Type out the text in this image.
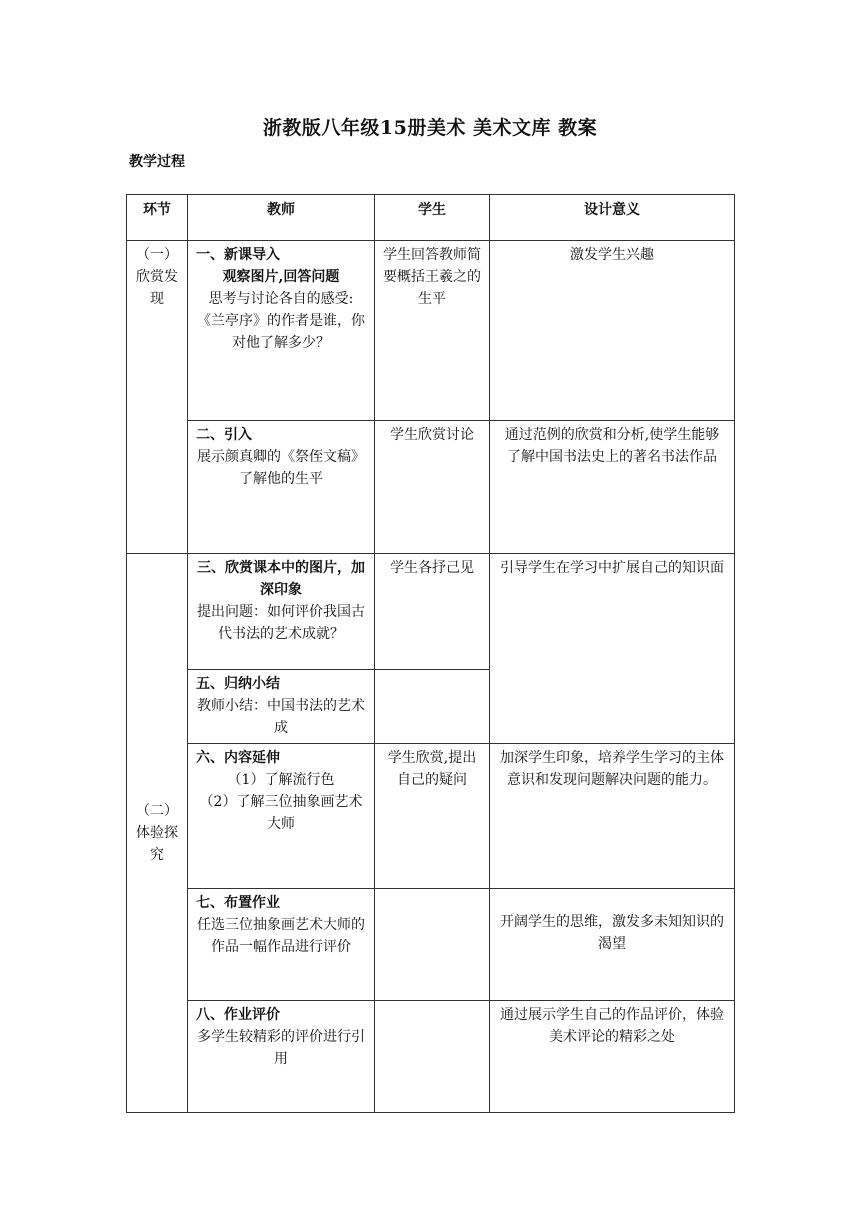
浙教版八年级15册美术 美术文库 教案
教学过程
环节	教师	学生	设计意义
（一）欣赏发现	一、新课导入
观察图片,回答问题
思考与讨论各自的感受:《兰亭序》的作者是谁，你对他了解多少？	学生回答教师简要概括王羲之的生平	激发学生兴趣

	二、引入
展示颜真卿的《祭侄文稿》了解他的生平	学生欣赏讨论	通过范例的欣赏和分析,使学生能够了解中国书法史上的著名书法作品
（二）体验探究	三、欣赏课本中的图片，加深印象
提出问题：如何评价我国古代书法的艺术成就？	学生各抒己见	引导学生在学习中扩展自己的知识面

	五、归纳小结
教师小结：中国书法的艺术成		

	六、内容延伸
（1）了解流行色
（2）了解三位抽象画艺术大师	学生欣赏,提出自己的疑问	加深学生印象，培养学生学习的主体意识和发现问题解决问题的能力。

	七、布置作业
任选三位抽象画艺术大师的作品一幅作品进行评价		开阔学生的思维，激发多未知知识的渴望

	八、作业评价
多学生较精彩的评价进行引用		通过展示学生自己的作品评价，体验美术评论的精彩之处
